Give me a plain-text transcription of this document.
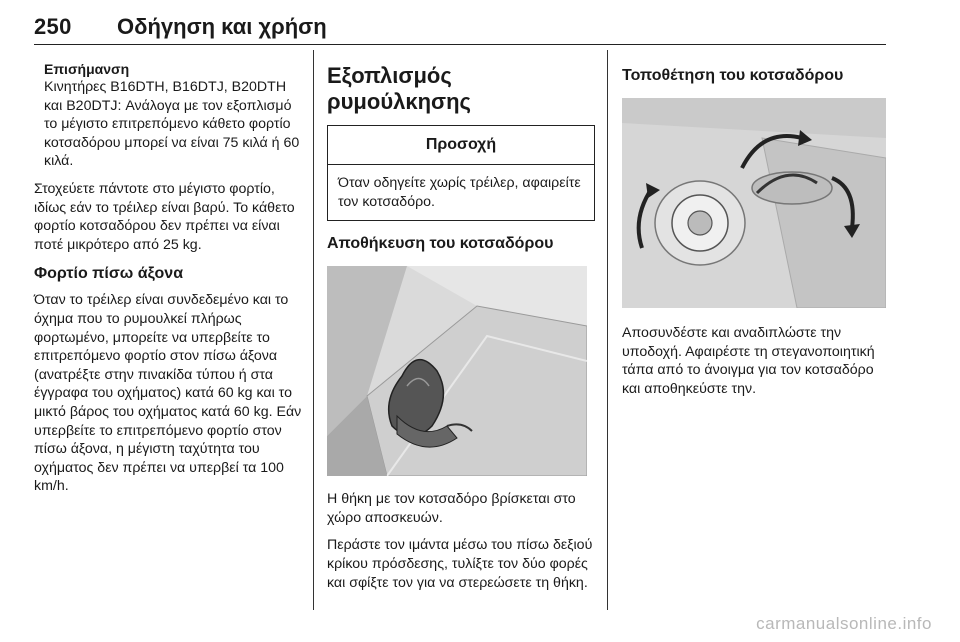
250 Οδήγηση και χρήση
Επισήμανση

Κινητήρες B16DTH, B16DTJ, B20DTH και B20DTJ: Ανάλογα με τον εξοπλισμό το μέγιστο επιτρεπόμενο κάθετο φορτίο κοτσαδόρου μπορεί να είναι 75 κιλά ή 60 κιλά.

Στοχεύετε πάντοτε στο μέγιστο φορτίο, ιδίως εάν το τρέιλερ είναι βαρύ. Το κάθετο φορτίο κοτσαδόρου δεν πρέπει να είναι ποτέ μικρότερο από 25 kg.

Φορτίο πίσω άξονα

Όταν το τρέιλερ είναι συνδεδεμένο και το όχημα που το ρυμουλκεί πλήρως φορτωμένο, μπορείτε να υπερβείτε το επιτρεπόμενο φορτίο στον πίσω άξονα (ανατρέξτε στην πινακίδα τύπου ή στα έγγραφα του οχήματος) κατά 60 kg και το μικτό βάρος του οχήματος κατά 60 kg. Εάν υπερβείτε το επιτρεπόμενο φορτίο στον πίσω άξονα, η μέγιστη ταχύτητα του οχήματος δεν πρέπει να υπερβεί τα 100 km/h.

Εξοπλισμός ρυμούλκησης
Προσοχή
Όταν οδηγείτε χωρίς τρέιλερ, αφαιρείτε τον κοτσαδόρο.
Αποθήκευση του κοτσαδόρου

Η θήκη με τον κοτσαδόρο βρίσκεται στο χώρο αποσκευών.

Περάστε τον ιμάντα μέσω του πίσω δεξιού κρίκου πρόσδεσης, τυλίξτε τον δύο φορές και σφίξτε τον για να στερεώσετε τη θήκη.

Τοποθέτηση του κοτσαδόρου

Αποσυνδέστε και αναδιπλώστε την υποδοχή. Αφαιρέστε τη στεγανοποιητική τάπα από το άνοιγμα για τον κοτσαδόρο και αποθηκεύστε την.

carmanualsonline.info
